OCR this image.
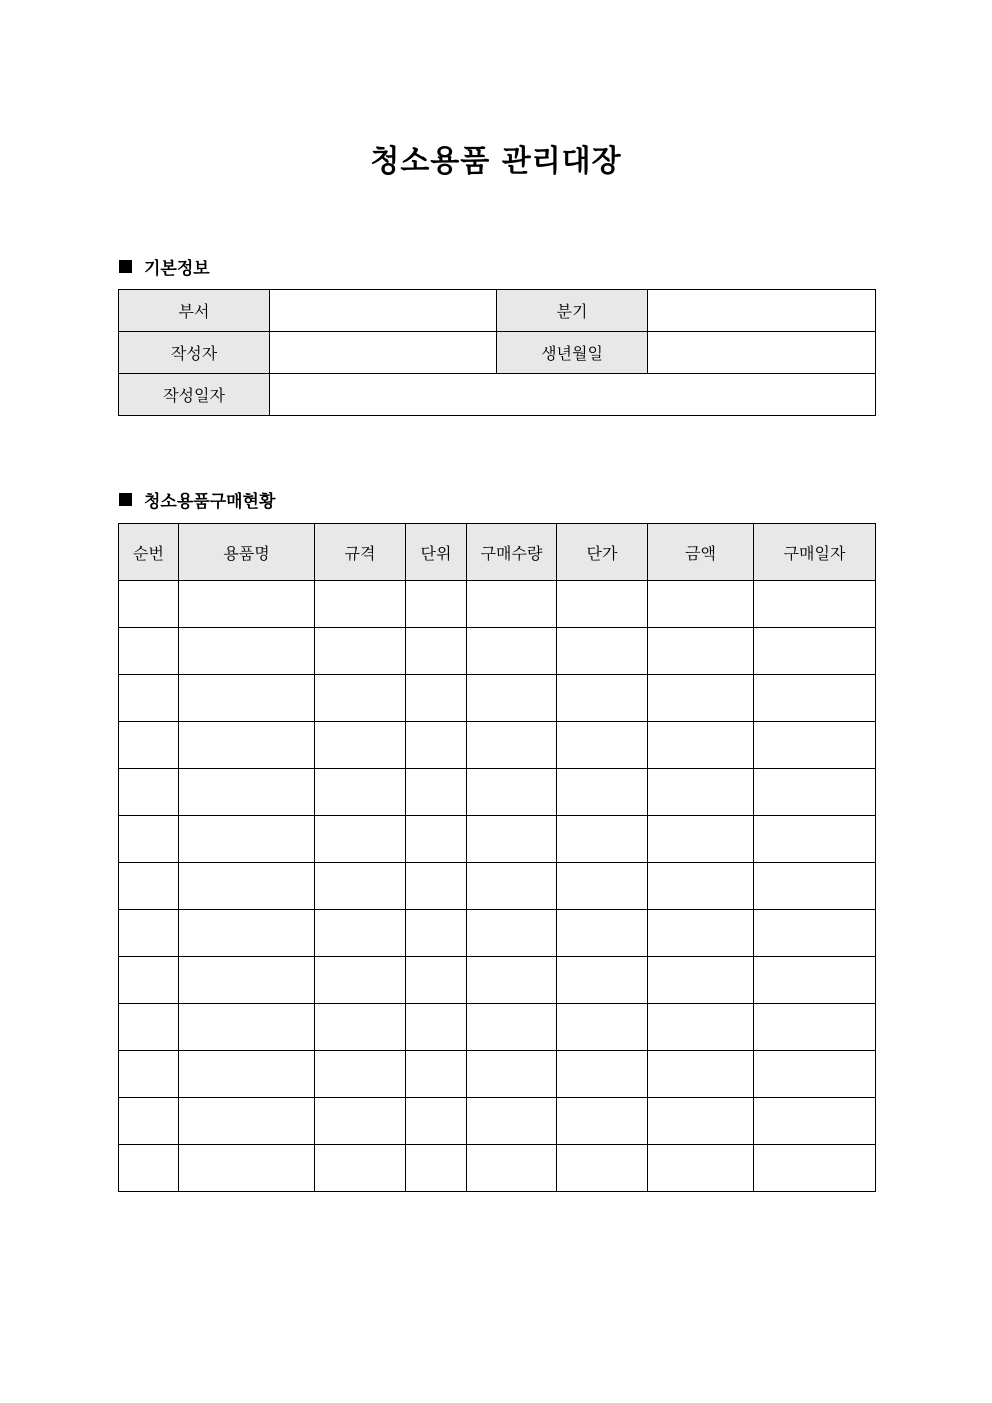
청소용품 관리대장
기본정보
부서		분기	
작성자		생년월일	
작성일자			
청소용품구매현황
순번	용품명	규격	단위	구매수량	단가	금액	구매일자
